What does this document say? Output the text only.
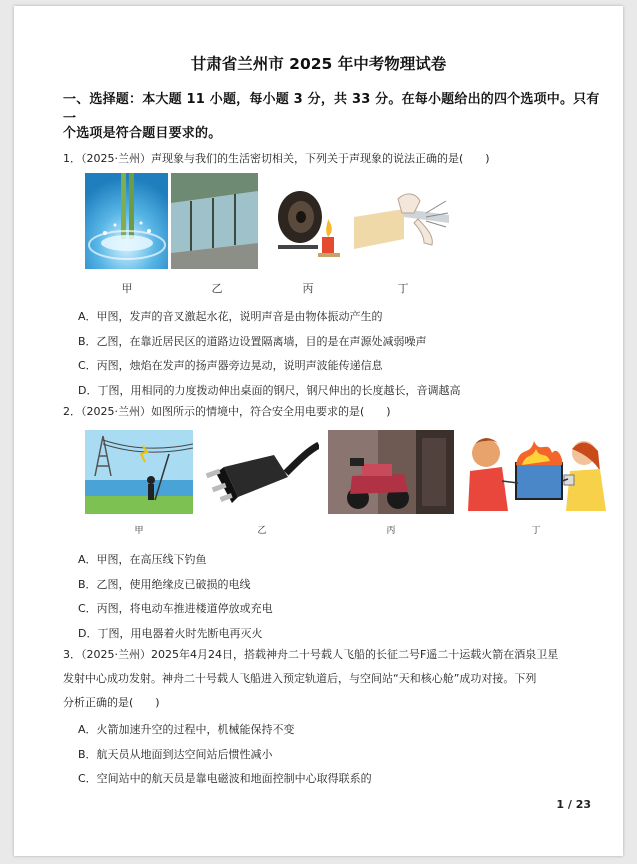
甘肃省兰州市 2025 年中考物理试卷
一、选择题：本大题 11 小题，每小题 3 分，共 33 分。在每小题给出的四个选项中。只有一
个选项是符合题目要求的。
1．（2025·兰州）声现象与我们的生活密切相关，下列关于声现象的说法正确的是(　　)
甲	乙	丙	丁
A．甲图，发声的音叉激起水花，说明声音是由物体振动产生的
B．乙图，在靠近居民区的道路边设置隔离墙，目的是在声源处减弱噪声
C．丙图，烛焰在发声的扬声器旁边晃动，说明声波能传递信息
D．丁图，用相同的力度拨动伸出桌面的钢尺，钢尺伸出的长度越长，音调越高
2．（2025·兰州）如图所示的情境中，符合安全用电要求的是(　　)
甲	乙	丙	丁
A．甲图，在高压线下钓鱼
B．乙图，使用绝缘皮已破损的电线
C．丙图，将电动车推进楼道停放或充电
D．丁图，用电器着火时先断电再灭火
3．（2025·兰州）2025年4月24日，搭载神舟二十号载人飞船的长征二号F遥二十运载火箭在酒泉卫星
发射中心成功发射。神舟二十号载人飞船进入预定轨道后，与空间站“天和核心舱”成功对接。下列
分析正确的是(　　)
A．火箭加速升空的过程中，机械能保持不变
B．航天员从地面到达空间站后惯性减小
C．空间站中的航天员是靠电磁波和地面控制中心取得联系的
1 / 23
